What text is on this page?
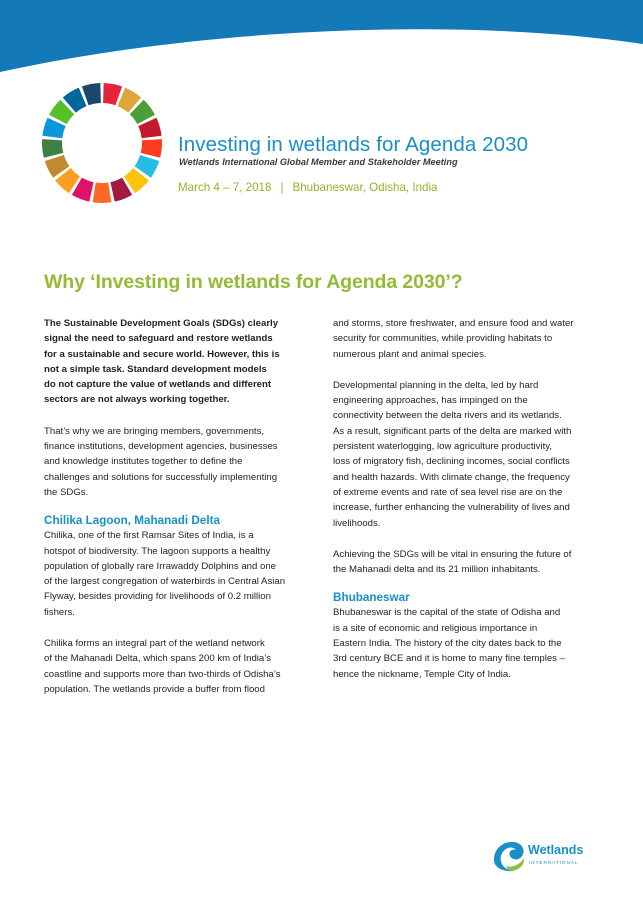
Investing in wetlands for Agenda 2030
Wetlands International Global Member and Stakeholder Meeting
March 4 – 7, 2018 | Bhubaneswar, Odisha, India
Why ‘Investing in wetlands for Agenda 2030’?

The Sustainable Development Goals (SDGs) clearly

signal the need to safeguard and restore wetlands

for a sustainable and secure world. However, this is

not a simple task. Standard development models

do not capture the value of wetlands and different

sectors are not always working together.

That’s why we are bringing members, governments,

finance institutions, development agencies, businesses

and knowledge institutes together to define the

challenges and solutions for successfully implementing

the SDGs.

Chilika Lagoon, Mahanadi Delta

Chilika, one of the first Ramsar Sites of India, is a

hotspot of biodiversity. The lagoon supports a healthy

population of globally rare Irrawaddy Dolphins and one

of the largest congregation of waterbirds in Central Asian

Flyway, besides providing for livelihoods of 0.2 million

fishers.

Chilika forms an integral part of the wetland network

of the Mahanadi Delta, which spans 200 km of India’s

coastline and supports more than two-thirds of Odisha’s

population. The wetlands provide a buffer from flood

and storms, store freshwater, and ensure food and water

security for communities, while providing habitats to

numerous plant and animal species.

Developmental planning in the delta, led by hard

engineering approaches, has impinged on the

connectivity between the delta rivers and its wetlands.

As a result, significant parts of the delta are marked with

persistent waterlogging, low agriculture productivity,

loss of migratory fish, declining incomes, social conflicts

and health hazards. With climate change, the frequency

of extreme events and rate of sea level rise are on the

increase, further enhancing the vulnerability of lives and

livelihoods.

Achieving the SDGs will be vital in ensuring the future of

the Mahanadi delta and its 21 million inhabitants.

Bhubaneswar

Bhubaneswar is the capital of the state of Odisha and

is a site of economic and religious importance in

Eastern India. The history of the city dates back to the

3rd century BCE and it is home to many fine temples –

hence the nickname, Temple City of India.

Wetlands
INTERNATIONAL
